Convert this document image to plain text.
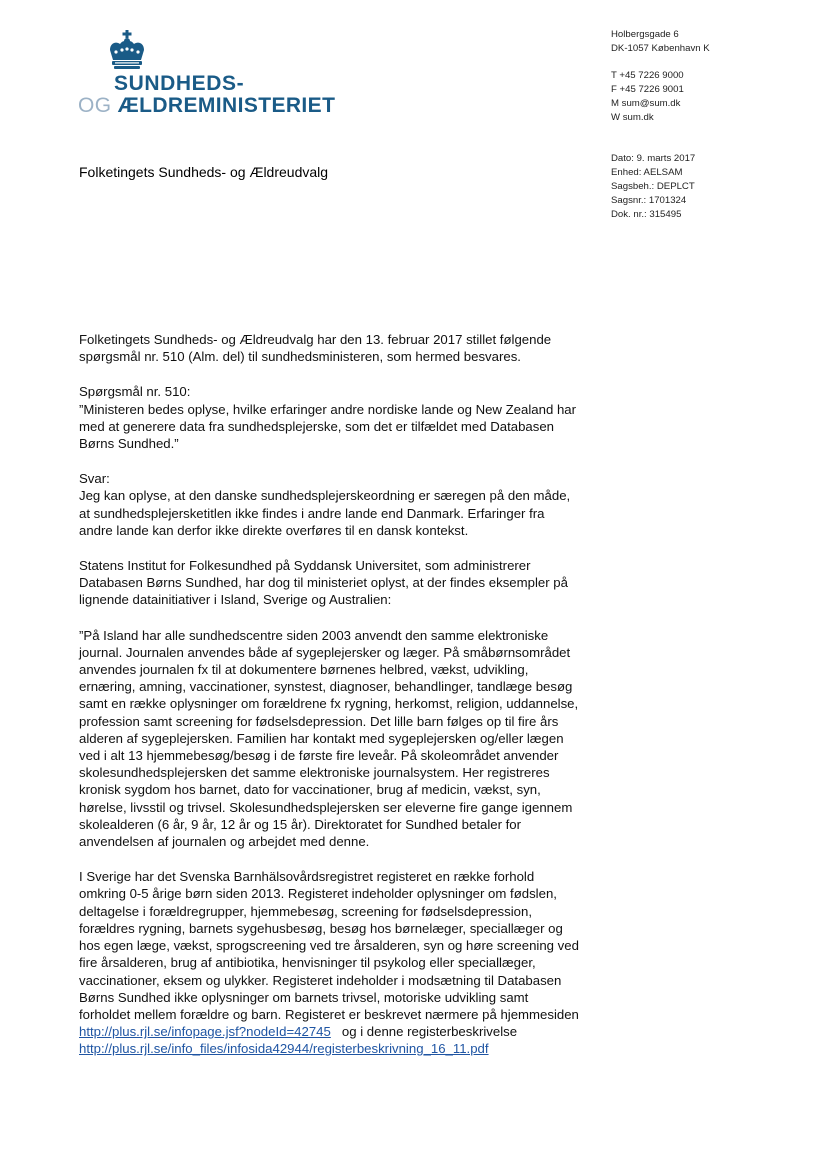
SUNDHEDS-
OG ÆLDREMINISTERIET
Holbergsgade 6
DK-1057 København K
T +45 7226 9000
F +45 7226 9001
M sum@sum.dk
W sum.dk
Dato: 9. marts 2017
Enhed: AELSAM
Sagsbeh.: DEPLCT
Sagsnr.: 1701324
Dok. nr.: 315495
Folketingets Sundheds- og Ældreudvalg

Folketingets Sundheds- og Ældreudvalg har den 13. februar 2017 stillet følgende spørgsmål nr. 510 (Alm. del) til sundhedsministeren, som hermed besvares.

Spørgsmål nr. 510:
”Ministeren bedes oplyse, hvilke erfaringer andre nordiske lande og New Zealand har med at generere data fra sundhedsplejerske, som det er tilfældet med Databasen Børns Sundhed.”

Svar:
Jeg kan oplyse, at den danske sundhedsplejerskeordning er særegen på den måde, at sundhedsplejersketitlen ikke findes i andre lande end Danmark. Erfaringer fra andre lande kan derfor ikke direkte overføres til en dansk kontekst.

Statens Institut for Folkesundhed på Syddansk Universitet, som administrerer Databasen Børns Sundhed, har dog til ministeriet oplyst, at der findes eksempler på lignende datainitiativer i Island, Sverige og Australien:

”På Island har alle sundhedscentre siden 2003 anvendt den samme elektroniske journal. Journalen anvendes både af sygeplejersker og læger. På småbørnsområdet anvendes journalen fx til at dokumentere børnenes helbred, vækst, udvikling, ernæring, amning, vaccinationer, synstest, diagnoser, behandlinger, tandlæge besøg samt en række oplysninger om forældrene fx rygning, herkomst, religion, uddannelse, profession samt screening for fødselsdepression. Det lille barn følges op til fire års alderen af sygeplejersken. Familien har kontakt med sygeplejersken og/eller lægen ved i alt 13 hjemmebesøg/besøg i de første fire leveår. På skoleområdet anvender skolesundhedsplejersken det samme elektroniske journalsystem. Her registreres kronisk sygdom hos barnet, dato for vaccinationer, brug af medicin, vækst, syn, hørelse, livsstil og trivsel. Skolesundhedsplejersken ser eleverne fire gange igennem skolealderen (6 år, 9 år, 12 år og 15 år). Direktoratet for Sundhed betaler for anvendelsen af journalen og arbejdet med denne.

I Sverige har det Svenska Barnhälsovårdsregistret registeret en række forhold omkring 0-5 årige børn siden 2013. Registeret indeholder oplysninger om fødslen, deltagelse i forældregrupper, hjemmebesøg, screening for fødselsdepression, forældres rygning, barnets sygehusbesøg, besøg hos børnelæger, speciallæger og hos egen læge, vækst, sprogscreening ved tre årsalderen, syn og høre screening ved fire årsalderen, brug af antibiotika, henvisninger til psykolog eller speciallæger, vaccinationer, eksem og ulykker. Registeret indeholder i modsætning til Databasen Børns Sundhed ikke oplysninger om barnets trivsel, motoriske udvikling samt forholdet mellem forældre og barn. Registeret er beskrevet nærmere på hjemmesiden http://plus.rjl.se/infopage.jsf?nodeId=42745 og i denne registerbeskrivelse
http://plus.rjl.se/info_files/infosida42944/registerbeskrivning_16_11.pdf
